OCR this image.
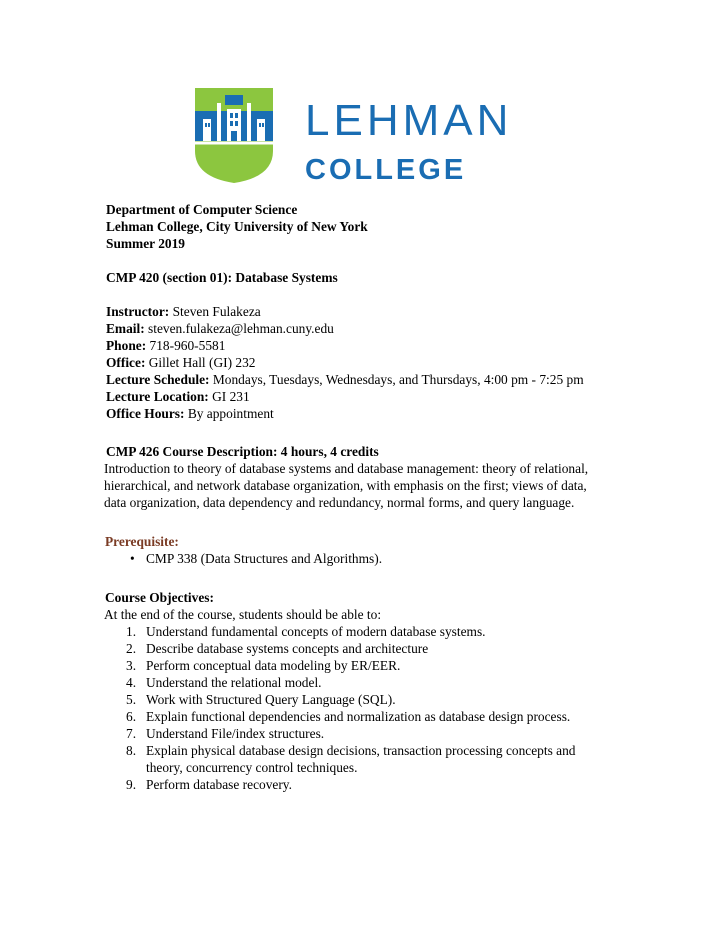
LEHMAN
COLLEGE
Department of Computer Science
Lehman College, City University of New York
Summer 2019
CMP 420 (section 01): Database Systems
Instructor: Steven Fulakeza
Email: steven.fulakeza@lehman.cuny.edu
Phone: 718-960-5581
Office: Gillet Hall (GI) 232
Lecture Schedule: Mondays, Tuesdays, Wednesdays, and Thursdays, 4:00 pm - 7:25 pm
Lecture Location: GI 231
Office Hours: By appointment
CMP 426 Course Description: 4 hours, 4 credits
Introduction to theory of database systems and database management: theory of relational,
hierarchical, and network database organization, with emphasis on the first; views of data,
data organization, data dependency and redundancy, normal forms, and query language.
Prerequisite:
• CMP 338 (Data Structures and Algorithms).
Course Objectives:
At the end of the course, students should be able to:
1. Understand fundamental concepts of modern database systems.
2. Describe database systems concepts and architecture
3. Perform conceptual data modeling by ER/EER.
4. Understand the relational model.
5. Work with Structured Query Language (SQL).
6. Explain functional dependencies and normalization as database design process.
7. Understand File/index structures.
8. Explain physical database design decisions, transaction processing concepts and theory, concurrency control techniques.
9. Perform database recovery.
